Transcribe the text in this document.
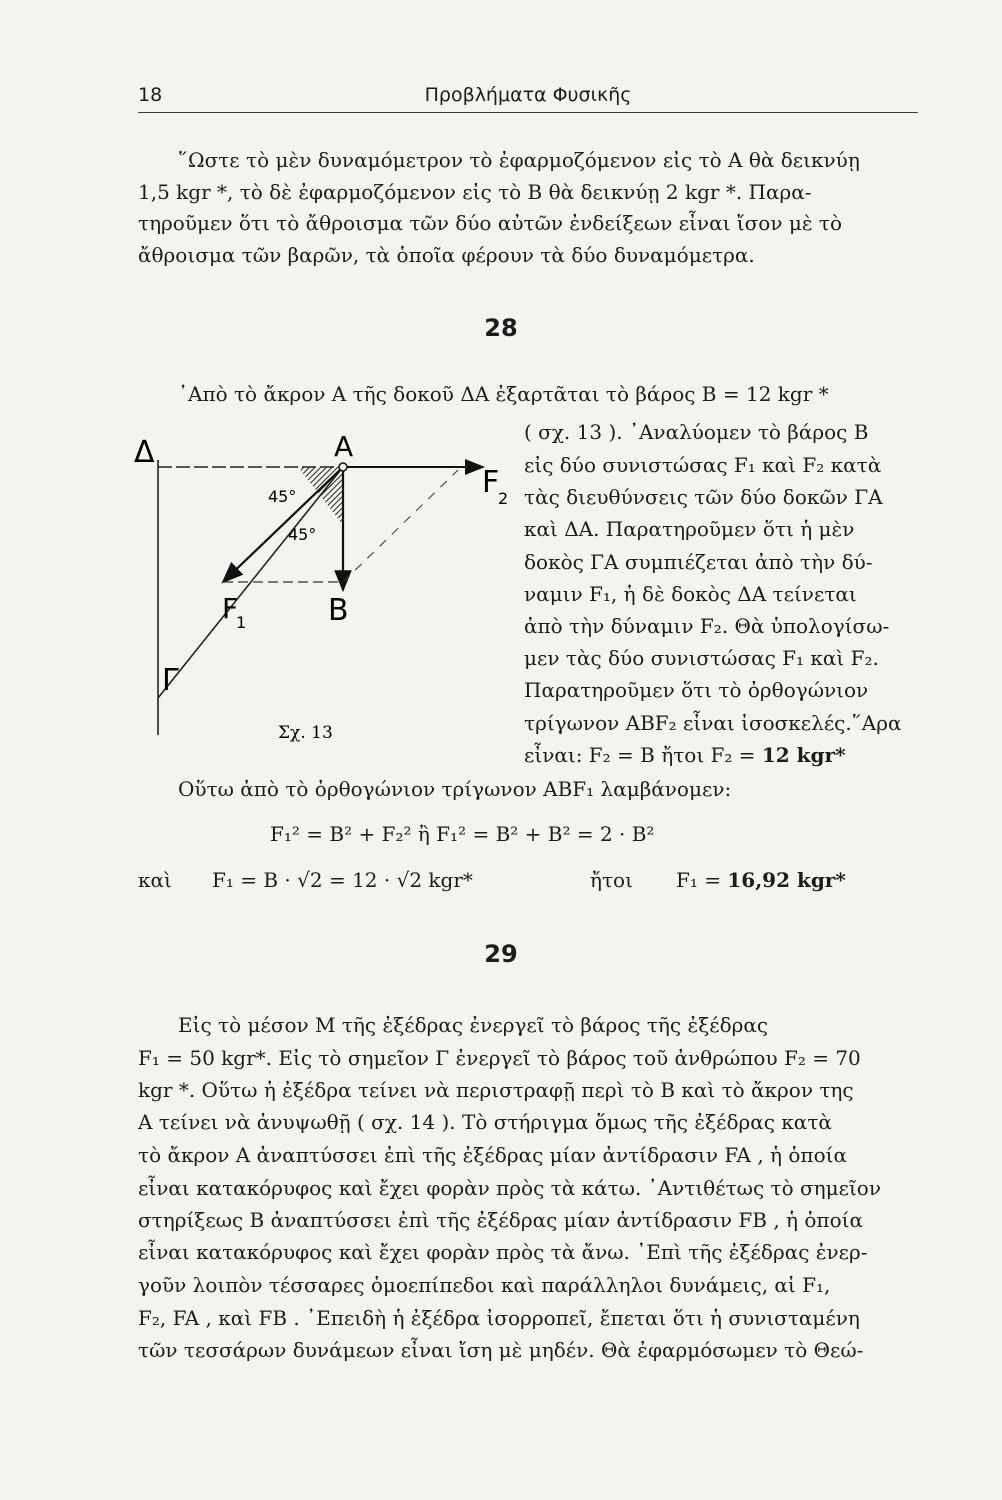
18	Προβλήματα Φυσικῆς
῞Ωστε τὸ μὲν δυναμόμετρον τὸ ἐφαρμοζόμενον εἰς τὸ Α θὰ δεικνύῃ
1,5 kgr *, τὸ δὲ ἐφαρμοζόμενον εἰς τὸ Β θὰ δεικνύῃ 2 kgr *. Παρα-
τηροῦμεν ὅτι τὸ ἄθροισμα τῶν δύο αὐτῶν ἐνδείξεων εἶναι ἴσον μὲ τὸ
ἄθροισμα τῶν βαρῶν, τὰ ὁποῖα φέρουν τὰ δύο δυναμόμετρα.
28
᾿Απὸ τὸ ἄκρον Α τῆς δοκοῦ ΔΑ ἐξαρτᾶται τὸ βάρος Β = 12 kgr *
( σχ. 13 ). ᾿Αναλύομεν τὸ βάρος Β
εἰς δύο συνιστώσας F₁ καὶ F₂ κατὰ
τὰς διευθύνσεις τῶν δύο δοκῶν ΓΑ
καὶ ΔΑ. Παρατηροῦμεν ὅτι ἡ μὲν
δοκὸς ΓΑ συμπιέζεται ἀπὸ τὴν δύ-
ναμιν F₁, ἡ δὲ δοκὸς ΔΑ τείνεται
ἀπὸ τὴν δύναμιν F₂. Θὰ ὑπολογίσω-
μεν τὰς δύο συνιστώσας F₁ καὶ F₂.
Παρατηροῦμεν ὅτι τὸ ὀρθογώνιον
τρίγωνον ΑΒF₂ εἶναι ἰσοσκελές.῞Αρα
εἶναι: F₂ = B ἤτοι F₂ = 12 kgr*
Δ	A
45°
45°
F
2
F
1	B
Γ
Σχ. 13
Οὕτω ἀπὸ τὸ ὀρθογώνιον τρίγωνον ΑΒF₁ λαμβάνομεν:
F₁² = B² + F₂² ἢ F₁² = B² + B² = 2 · B²
καὶ F₁ = B · √2 = 12 · √2 kgr*	ἤτοι F₁ = 16,92 kgr*
29
Εἰς τὸ μέσον Μ τῆς ἐξέδρας ἐνεργεῖ τὸ βάρος τῆς ἐξέδρας
F₁ = 50 kgr*. Εἰς τὸ σημεῖον Γ ἐνεργεῖ τὸ βάρος τοῦ ἀνθρώπου F₂ = 70
kgr *. Οὕτω ἡ ἐξέδρα τείνει νὰ περιστραφῇ περὶ τὸ Β καὶ τὸ ἄκρον της
Α τείνει νὰ ἀνυψωθῇ ( σχ. 14 ). Τὸ στήριγμα ὅμως τῆς ἐξέδρας κατὰ
τὸ ἄκρον Α ἀναπτύσσει ἐπὶ τῆς ἐξέδρας μίαν ἀντίδρασιν FA , ἡ ὁποία
εἶναι κατακόρυφος καὶ ἔχει φορὰν πρὸς τὰ κάτω. ᾿Αντιθέτως τὸ σημεῖον
στηρίξεως Β ἀναπτύσσει ἐπὶ τῆς ἐξέδρας μίαν ἀντίδρασιν FB , ἡ ὁποία
εἶναι κατακόρυφος καὶ ἔχει φορὰν πρὸς τὰ ἄνω. ᾿Επὶ τῆς ἐξέδρας ἐνερ-
γοῦν λοιπὸν τέσσαρες ὁμοεπίπεδοι καὶ παράλληλοι δυνάμεις, αἱ F₁,
F₂, FA , καὶ FB . ᾿Επειδὴ ἡ ἐξέδρα ἰσορροπεῖ, ἔπεται ὅτι ἡ συνισταμένη
τῶν τεσσάρων δυνάμεων εἶναι ἴση μὲ μηδέν. Θὰ ἐφαρμόσωμεν τὸ Θεώ-
